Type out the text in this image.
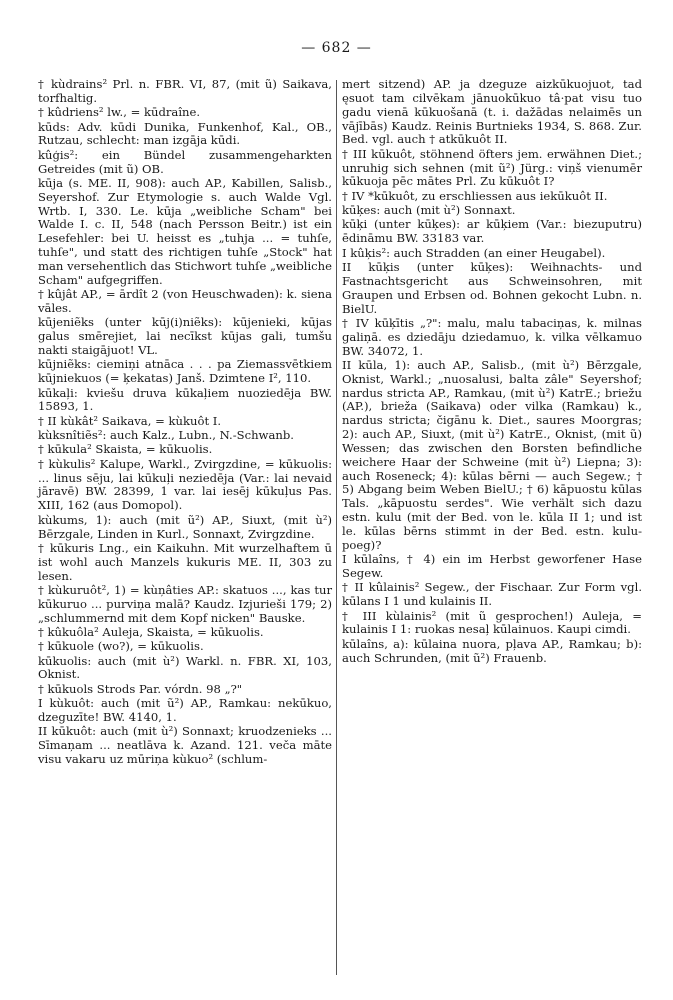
— 682 —

† kùdrains² Prl. n. FBR. VI, 87, (mit ũ) Saikava, torfhaltig.

† kûdriens² lw., = kūdraîne.

kūds: Adv. kūdi Dunika, Funkenhof, Kal., OB., Rutzau, schlecht: man izgāja kūdi.

kûģis²: ein Bündel zusammengeharkten Getreides (mit ũ) OB.

kūja (s. ME. II, 908): auch AP., Kabillen, Salisb., Seyershof. Zur Etymologie s. auch Walde Vgl. Wrtb. I, 330. Le. kūja „weibliche Scham" bei Walde I. c. II, 548 (nach Persson Beitr.) ist ein Lesefehler: bei U. heisst es „tuhja ... = tuhſe, tuhſe", und statt des richtigen tuhſe „Stock" hat man versehentlich das Stichwort tuhſe „weibliche Scham" aufgegriffen.

† kûjât AP., = ārdît 2 (von Heuschwaden): k. siena vāles.

kūjeniẽks (unter kūj(i)niẽks): kūjenieki, kūjas galus smērejiet, lai necīkst kūjas gali, tumšu nakti staigājuot! VL.

kūjniẽks: ciemiņi atnāca . . . pa Ziemassvētkiem kūjniekuos (= ķekatas) Janš. Dzimtene I², 110.

kūkaļi: kviešu druva kūkaļiem nuoziedēja BW. 15893, 1.

† II kùkât² Saikava, = kùkuôt I.

kùksnîtiẽs²: auch Kalz., Lubn., N.-Schwanb.

† kūkula² Skaista, = kūkuolis.

† kùkulis² Kalupe, Warkl., Zvirgzdine, = kūkuolis: ... linus sēju, lai kūkuļi neziedēja (Var.: lai nevaid jāravē) BW. 28399, 1 var. lai iesēj kūkuļus Pas. XIII, 162 (aus Domopol).

kùkums, 1): auch (mit ũ²) AP., Siuxt, (mit ù²) Bērzgale, Linden in Kurl., Sonnaxt, Zvirgzdine.

† kūkuris Lng., ein Kaikuhn. Mit wurzelhaftem ū ist wohl auch Manzels kukuris ME. II, 303 zu lesen.

† kùkuruôt², 1) = kùņâties AP.: skatuos ..., kas tur kūkuruo ... purviņa malā? Kaudz. Izjurieši 179; 2) „schlummernd mit dem Kopf nicken" Bauske.

† kûkuôla² Auleja, Skaista, = kūkuolis.

† kūkuole (wo?), = kūkuolis.

kūkuolis: auch (mit ù²) Warkl. n. FBR. XI, 103, Oknist.

† kūkuols Strods Par. vórdn. 98 „?"

I kùkuôt: auch (mit ũ²) AP., Ramkau: nekūkuo, dzeguzīte! BW. 4140, 1.

II kūkuôt: auch (mit ù²) Sonnaxt; kruodzenieks ... Sīmaņam ... neatlāva k. Azand. 121. veča māte visu vakaru uz mūriņa kùkuo² (schlum-

mert sitzend) AP. ja dzeguze aizkūkuojuot, tad ęsuot tam cilvēkam jānuokūkuo tâ·pat visu tuo gadu vienā kūkuošanā (t. i. dažādas nelaimēs un vājībās) Kaudz. Reinis Burtnieks 1934, S. 868. Zur. Bed. vgl. auch † atkūkuôt II.

† III kūkuôt, stöhnend öfters jem. erwähnen Diet.; unruhig sich sehnen (mit ũ²) Jürg.: viņš vienumēr kūkuoja pēc mātes Prl. Zu kūkuôt I?

† IV *kūkuôt, zu erschliessen aus iekūkuôt II.

kūķes: auch (mit ù²) Sonnaxt.

kūķi (unter kūķes): ar kūķiem (Var.: biezuputru) ēdināmu BW. 33183 var.

I kûķis²: auch Stradden (an einer Heugabel).

II kūķis (unter kūķes): Weihnachts- und Fastnachtsgericht aus Schweinsohren, mit Graupen und Erbsen od. Bohnen gekocht Lubn. n. BielU.

† IV kūķītis „?": malu, malu tabaciņas, k. milnas galiņā. es dziedāju dziedamuo, k. vilka vēlkamuo BW. 34072, 1.

II kūla, 1): auch AP., Salisb., (mit ù²) Bērzgale, Oknist, Warkl.; „nuosalusi, balta zâle" Seyershof; nardus stricta AP., Ramkau, (mit ù²) KatrE.; briežu (AP.), brieža (Saikava) oder vilka (Ramkau) k., nardus stricta; čigānu k. Diet., saures Moorgras; 2): auch AP., Siuxt, (mit ù²) KatrE., Oknist, (mit ũ) Wessen; das zwischen den Borsten befindliche weichere Haar der Schweine (mit ù²) Liepna; 3): auch Roseneck; 4): kūlas bērni — auch Segew.; † 5) Abgang beim Weben BielU.; † 6) kāpuostu kūlas Tals. „kāpuostu serdes". Wie verhält sich dazu estn. kulu (mit der Bed. von le. kūla II 1; und ist le. kūlas bērns stimmt in der Bed. estn. kulu-poeg)?

I kūlaîns, † 4) ein im Herbst geworfener Hase Segew.

† II kûlainis² Segew., der Fischaar. Zur Form vgl. kūlans I 1 und kulainis II.

† III kùlainis² (mit ũ gesprochen!) Auleja, = kulainis I 1: ruokas nesaļ kūlainuos. Kaupi cimdi.

kūlaîns, a): kūlaina nuora, pļava AP., Ramkau; b): auch Schrunden, (mit ũ²) Frauenb.
